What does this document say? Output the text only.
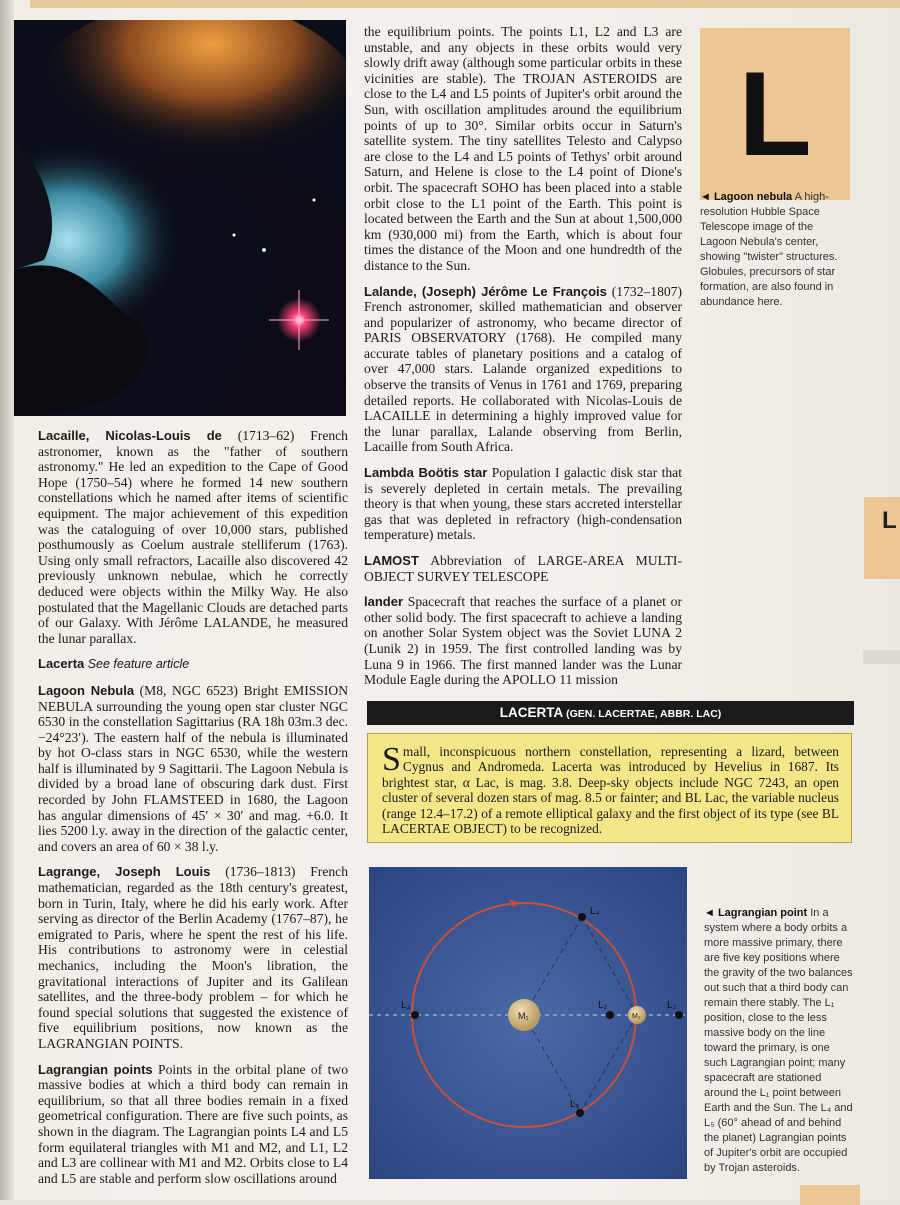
Lacaille, Nicolas-Louis de (1713–62) French astronomer, known as the "father of southern astronomy." He led an expedition to the Cape of Good Hope (1750–54) where he formed 14 new southern constellations which he named after items of scientific equipment. The major achievement of this expedition was the cataloguing of over 10,000 stars, published posthumously as Coelum australe stelliferum (1763). Using only small refractors, Lacaille also discovered 42 previously unknown nebulae, which he correctly deduced were objects within the Milky Way. He also postulated that the Magellanic Clouds are detached parts of our Galaxy. With Jérôme LALANDE, he measured the lunar parallax.

Lacerta See feature article

Lagoon Nebula (M8, NGC 6523) Bright EMISSION NEBULA surrounding the young open star cluster NGC 6530 in the constellation Sagittarius (RA 18h 03m.3 dec. −24°23′). The eastern half of the nebula is illuminated by hot O-class stars in NGC 6530, while the western half is illuminated by 9 Sagittarii. The Lagoon Nebula is divided by a broad lane of obscuring dark dust. First recorded by John FLAMSTEED in 1680, the Lagoon has angular dimensions of 45′ × 30′ and mag. +6.0. It lies 5200 l.y. away in the direction of the galactic center, and covers an area of 60 × 38 l.y.

Lagrange, Joseph Louis (1736–1813) French mathematician, regarded as the 18th century's greatest, born in Turin, Italy, where he did his early work. After serving as director of the Berlin Academy (1767–87), he emigrated to Paris, where he spent the rest of his life. His contributions to astronomy were in celestial mechanics, including the Moon's libration, the gravitational interactions of Jupiter and its Galilean satellites, and the three-body problem – for which he found special solutions that suggested the existence of five equilibrium positions, now known as the LAGRANGIAN POINTS.

Lagrangian points Points in the orbital plane of two massive bodies at which a third body can remain in equilibrium, so that all three bodies remain in a fixed geometrical configuration. There are five such points, as shown in the diagram. The Lagrangian points L4 and L5 form equilateral triangles with M1 and M2, and L1, L2 and L3 are collinear with M1 and M2. Orbits close to L4 and L5 are stable and perform slow oscillations around

the equilibrium points. The points L1, L2 and L3 are unstable, and any objects in these orbits would very slowly drift away (although some particular orbits in these vicinities are stable). The TROJAN ASTEROIDS are close to the L4 and L5 points of Jupiter's orbit around the Sun, with oscillation amplitudes around the equilibrium points of up to 30°. Similar orbits occur in Saturn's satellite system. The tiny satellites Telesto and Calypso are close to the L4 and L5 points of Tethys' orbit around Saturn, and Helene is close to the L4 point of Dione's orbit. The spacecraft SOHO has been placed into a stable orbit close to the L1 point of the Earth. This point is located between the Earth and the Sun at about 1,500,000 km (930,000 mi) from the Earth, which is about four times the distance of the Moon and one hundredth of the distance to the Sun.

Lalande, (Joseph) Jérôme Le François (1732–1807) French astronomer, skilled mathematician and observer and popularizer of astronomy, who became director of PARIS OBSERVATORY (1768). He compiled many accurate tables of planetary positions and a catalog of over 47,000 stars. Lalande organized expeditions to observe the transits of Venus in 1761 and 1769, preparing detailed reports. He collaborated with Nicolas-Louis de LACAILLE in determining a highly improved value for the lunar parallax, Lalande observing from Berlin, Lacaille from South Africa.

Lambda Boötis star Population I galactic disk star that is severely depleted in certain metals. The prevailing theory is that when young, these stars accreted interstellar gas that was depleted in refractory (high-condensation temperature) metals.

LAMOST Abbreviation of LARGE-AREA MULTI-OBJECT SURVEY TELESCOPE

lander Spacecraft that reaches the surface of a planet or other solid body. The first spacecraft to achieve a landing on another Solar System object was the Soviet LUNA 2 (Lunik 2) in 1959. The first controlled landing was by Luna 9 in 1966. The first manned lander was the Lunar Module Eagle during the APOLLO 11 mission

L
◄ Lagoon nebula A high-resolution Hubble Space Telescope image of the Lagoon Nebula's center, showing "twister" structures. Globules, precursors of star formation, are also found in abundance here.
L
LACERTA (GEN. LACERTAE, ABBR. LAC)
Small, inconspicuous northern constellation, representing a lizard, between Cygnus and Andromeda. Lacerta was introduced by Hevelius in 1687. Its brightest star, α Lac, is mag. 3.8. Deep-sky objects include NGC 7243, an open cluster of several dozen stars of mag. 8.5 or fainter; and BL Lac, the variable nucleus (range 12.4–17.2) of a remote elliptical galaxy and the first object of its type (see BL LACERTAE OBJECT) to be recognized.
L₄
L₅
L₁	L₂
L₃
M₁	M₂
◄ Lagrangian point In a system where a body orbits a more massive primary, there are five key positions where the gravity of the two balances out such that a third body can remain there stably. The L₁ position, close to the less massive body on the line toward the primary, is one such Lagrangian point; many spacecraft are stationed around the L₁ point between Earth and the Sun. The L₄ and L₅ (60° ahead of and behind the planet) Lagrangian points of Jupiter's orbit are occupied by Trojan asteroids.
